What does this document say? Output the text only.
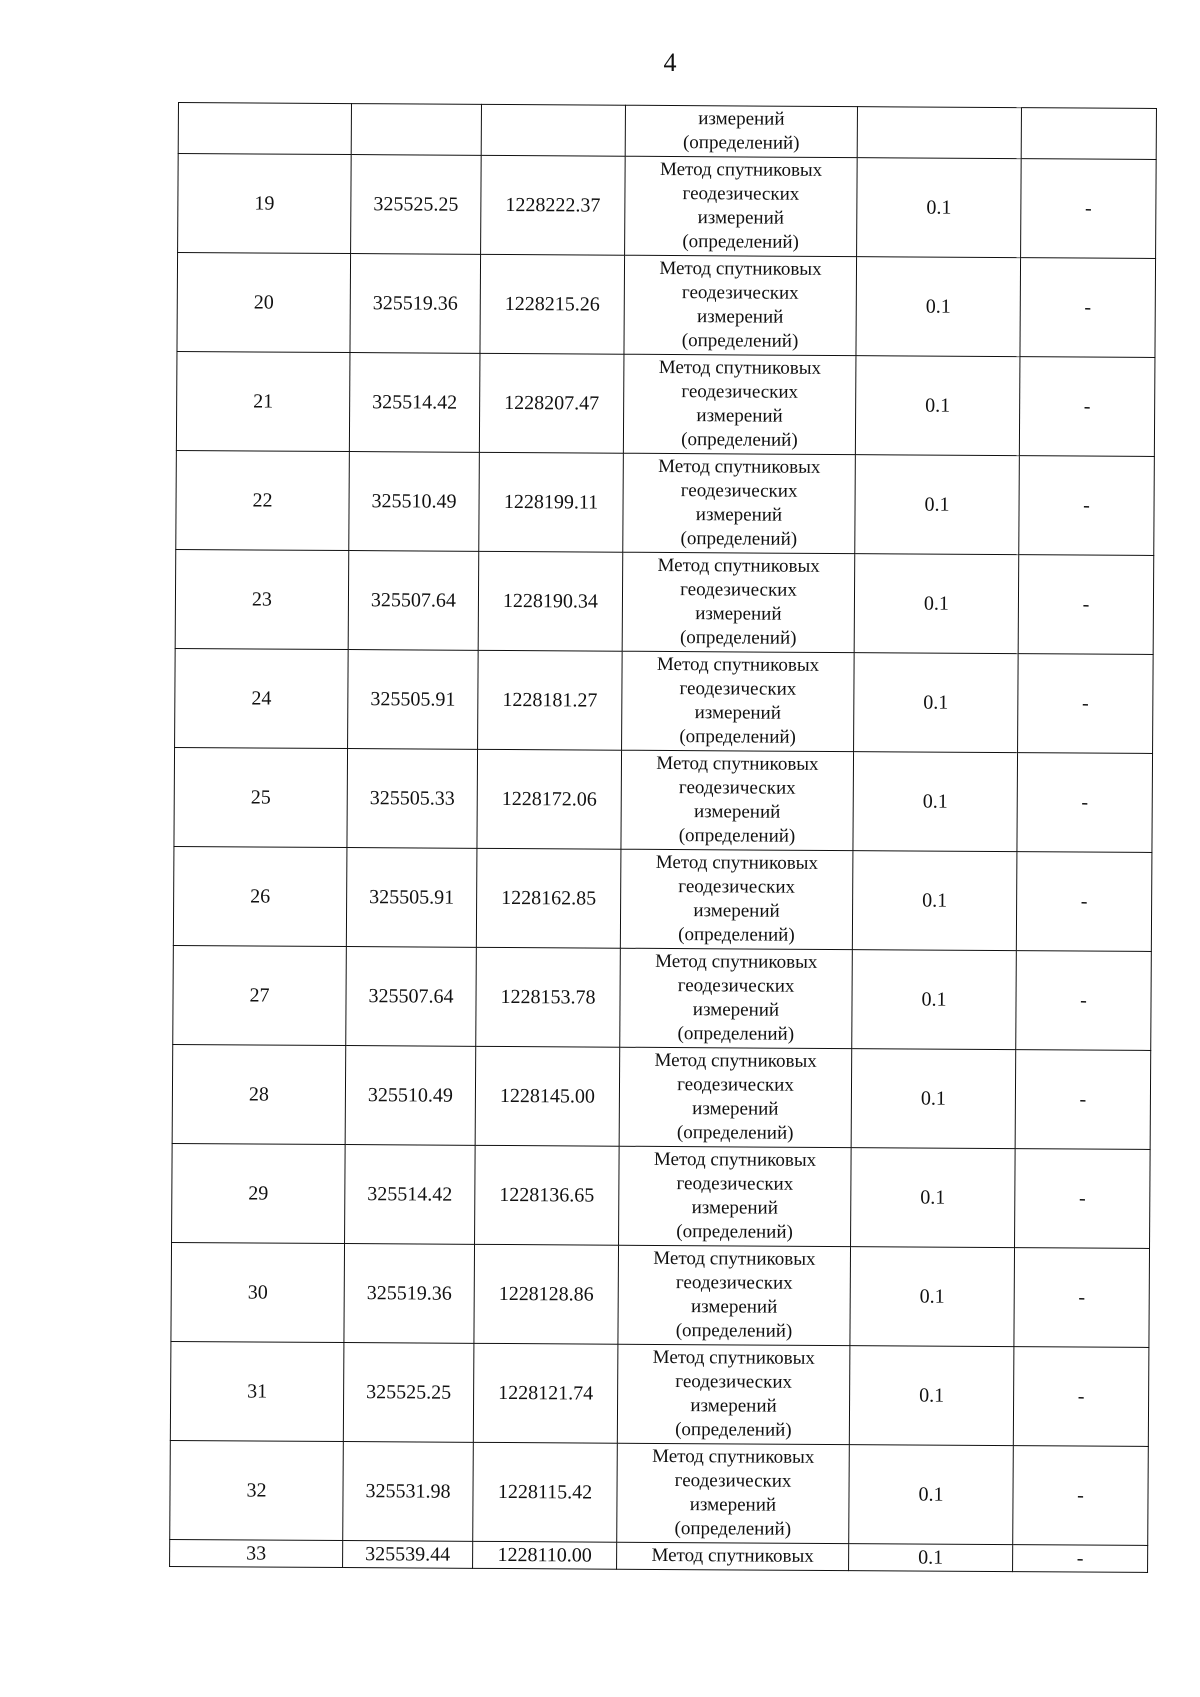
4

			измерений
(определений)		

19	325525.25	1228222.37	Метод спутниковых
геодезических
измерений
(определений)	0.1	-
20	325519.36	1228215.26	Метод спутниковых
геодезических
измерений
(определений)	0.1	-
21	325514.42	1228207.47	Метод спутниковых
геодезических
измерений
(определений)	0.1	-
22	325510.49	1228199.11	Метод спутниковых
геодезических
измерений
(определений)	0.1	-
23	325507.64	1228190.34	Метод спутниковых
геодезических
измерений
(определений)	0.1	-
24	325505.91	1228181.27	Метод спутниковых
геодезических
измерений
(определений)	0.1	-
25	325505.33	1228172.06	Метод спутниковых
геодезических
измерений
(определений)	0.1	-
26	325505.91	1228162.85	Метод спутниковых
геодезических
измерений
(определений)	0.1	-
27	325507.64	1228153.78	Метод спутниковых
геодезических
измерений
(определений)	0.1	-
28	325510.49	1228145.00	Метод спутниковых
геодезических
измерений
(определений)	0.1	-
29	325514.42	1228136.65	Метод спутниковых
геодезических
измерений
(определений)	0.1	-
30	325519.36	1228128.86	Метод спутниковых
геодезических
измерений
(определений)	0.1	-
31	325525.25	1228121.74	Метод спутниковых
геодезических
измерений
(определений)	0.1	-
32	325531.98	1228115.42	Метод спутниковых
геодезических
измерений
(определений)	0.1	-
33	325539.44	1228110.00	Метод спутниковых	0.1	-
